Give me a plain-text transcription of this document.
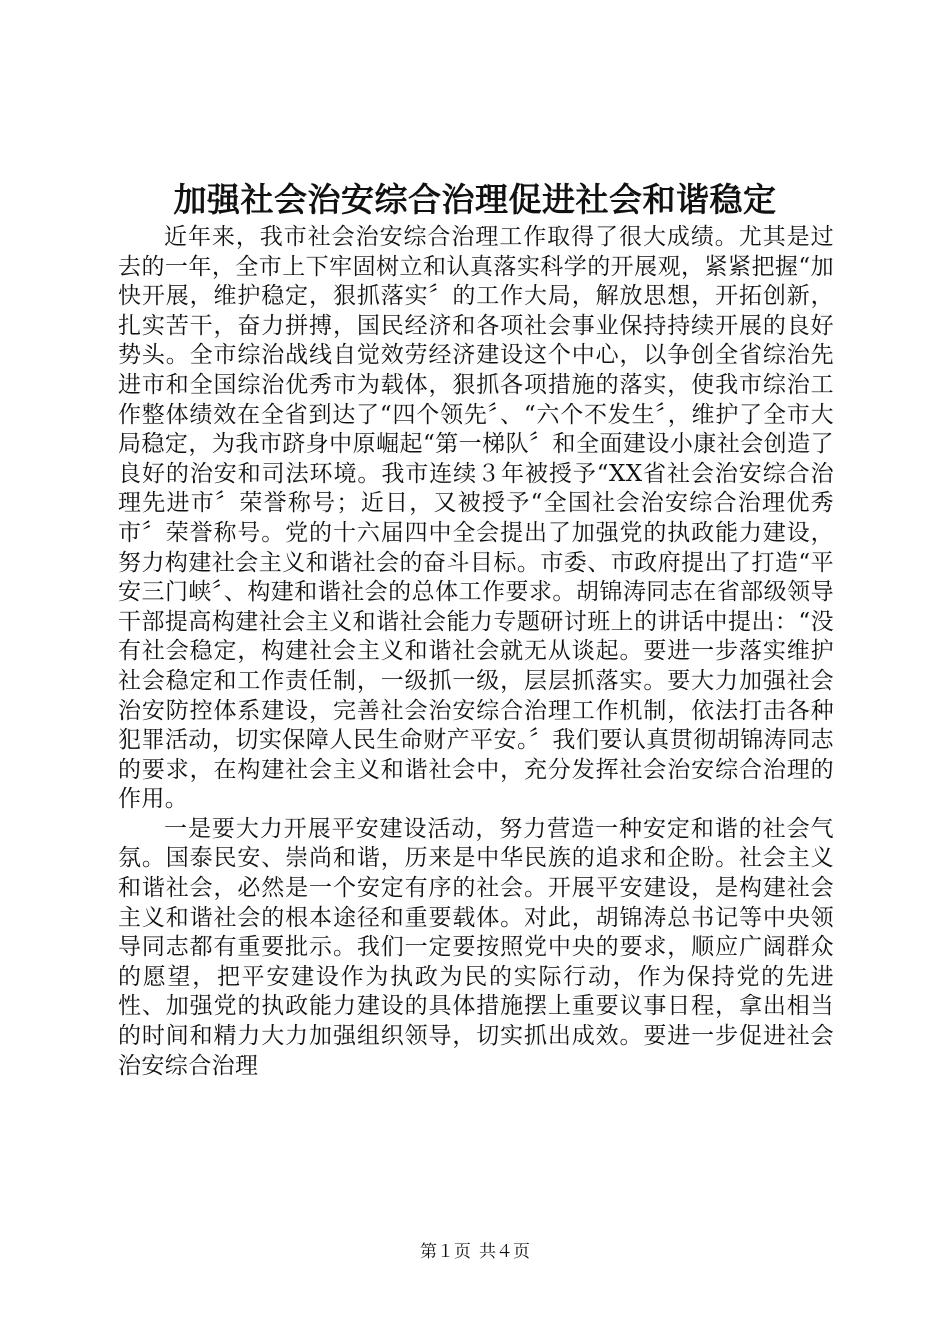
加强社会治安综合治理促进社会和谐稳定

近年来，我市社会治安综合治理工作取得了很大成绩。尤其是过去的一年，全市上下牢固树立和认真落实科学的开展观，紧紧把握“加快开展，维护稳定，狠抓落实〞的工作大局，解放思想，开拓创新，扎实苦干，奋力拼搏，国民经济和各项社会事业保持持续开展的良好势头。全市综治战线自觉效劳经济建设这个中心，以争创全省综治先进市和全国综治优秀市为载体，狠抓各项措施的落实，使我市综治工作整体绩效在全省到达了“四个领先〞、“六个不发生〞，维护了全市大局稳定，为我市跻身中原崛起“第一梯队〞和全面建设小康社会创造了良好的治安和司法环境。我市连续３年被授予“XX省社会治安综合治理先进市〞荣誉称号；近日，又被授予“全国社会治安综合治理优秀市〞荣誉称号。党的十六届四中全会提出了加强党的执政能力建设，努力构建社会主义和谐社会的奋斗目标。市委、市政府提出了打造“平安三门峡〞、构建和谐社会的总体工作要求。胡锦涛同志在省部级领导干部提高构建社会主义和谐社会能力专题研讨班上的讲话中提出：“没有社会稳定，构建社会主义和谐社会就无从谈起。要进一步落实维护社会稳定和工作责任制，一级抓一级，层层抓落实。要大力加强社会治安防控体系建设，完善社会治安综合治理工作机制，依法打击各种犯罪活动，切实保障人民生命财产平安。〞我们要认真贯彻胡锦涛同志的要求，在构建社会主义和谐社会中，充分发挥社会治安综合治理的作用。

一是要大力开展平安建设活动，努力营造一种安定和谐的社会气氛。国泰民安、崇尚和谐，历来是中华民族的追求和企盼。社会主义和谐社会，必然是一个安定有序的社会。开展平安建设，是构建社会主义和谐社会的根本途径和重要载体。对此，胡锦涛总书记等中央领导同志都有重要批示。我们一定要按照党中央的要求，顺应广阔群众的愿望，把平安建设作为执政为民的实际行动，作为保持党的先进性、加强党的执政能力建设的具体措施摆上重要议事日程，拿出相当的时间和精力大力加强组织领导，切实抓出成效。要进一步促进社会治安综合治理

第１页 共４页
